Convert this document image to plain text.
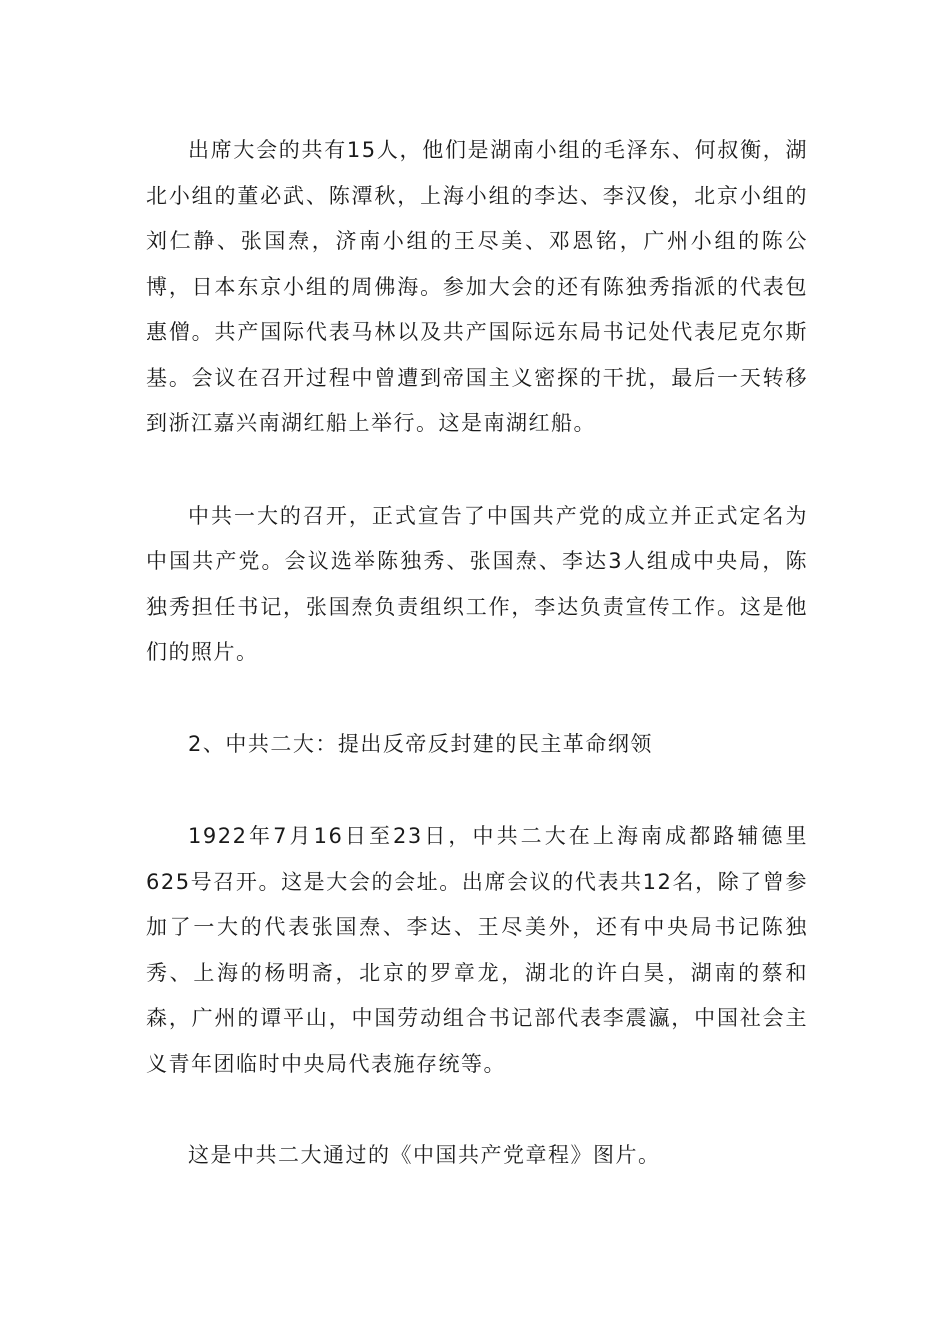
出席大会的共有15人，他们是湖南小组的毛泽东、何叔衡，湖北小组的董必武、陈潭秋，上海小组的李达、李汉俊，北京小组的刘仁静、张国焘，济南小组的王尽美、邓恩铭，广州小组的陈公博，日本东京小组的周佛海。参加大会的还有陈独秀指派的代表包惠僧。共产国际代表马林以及共产国际远东局书记处代表尼克尔斯基。会议在召开过程中曾遭到帝国主义密探的干扰，最后一天转移到浙江嘉兴南湖红船上举行。这是南湖红船。

中共一大的召开，正式宣告了中国共产党的成立并正式定名为中国共产党。会议选举陈独秀、张国焘、李达3人组成中央局，陈独秀担任书记，张国焘负责组织工作，李达负责宣传工作。这是他们的照片。

2、中共二大：提出反帝反封建的民主革命纲领

1922年7月16日至23日，中共二大在上海南成都路辅德里625号召开。这是大会的会址。出席会议的代表共12名，除了曾参加了一大的代表张国焘、李达、王尽美外，还有中央局书记陈独秀、上海的杨明斋，北京的罗章龙，湖北的许白昊，湖南的蔡和森，广州的谭平山，中国劳动组合书记部代表李震瀛，中国社会主义青年团临时中央局代表施存统等。

这是中共二大通过的《中国共产党章程》图片。
